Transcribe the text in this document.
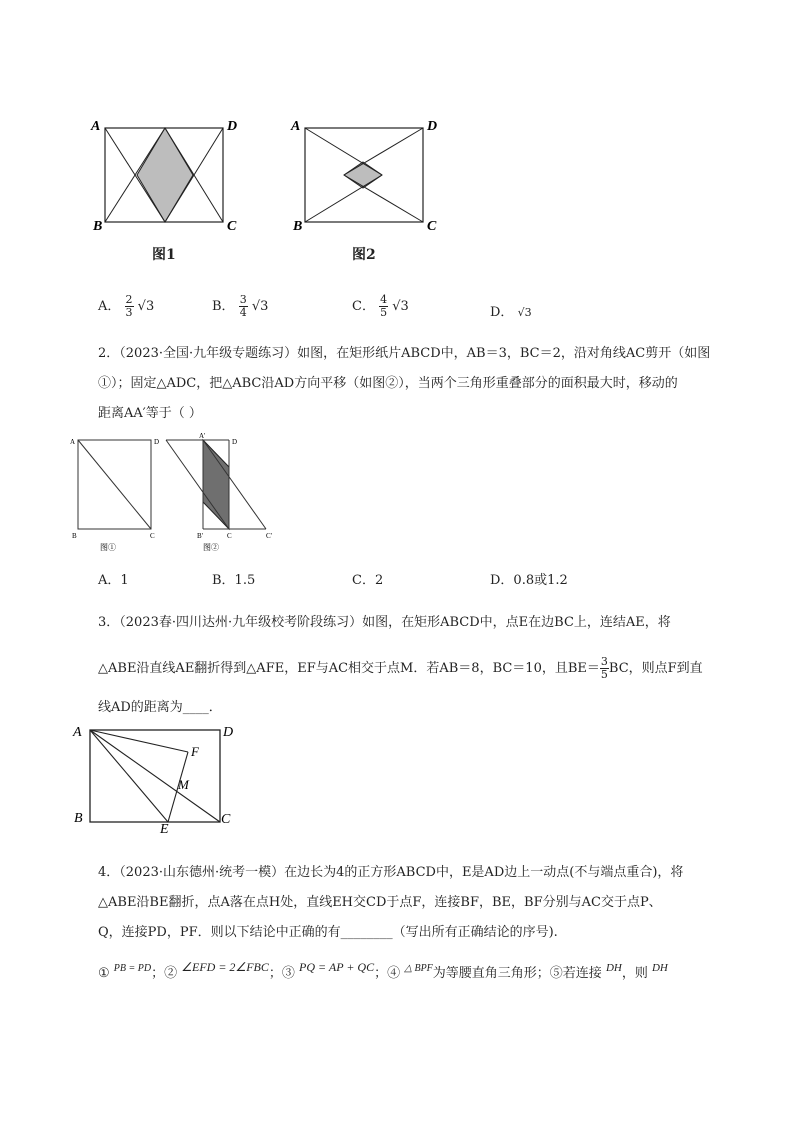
A	D
B	C
图1
A	D
B	C
图2
A． $\frac{2}{3} √3$	B． $\frac{3}{4} √3$	C． $\frac{4}{5} √3$	D． √3
2．（2023·全国·九年级专题练习）如图，在矩形纸片ABCD中，AB＝3，BC＝2，沿对角线AC剪开（如图
①）；固定△ADC，把△ABC沿AD方向平移（如图②），当两个三角形重叠部分的面积最大时，移动的
距离AA′等于（ ）
A	D
B	C
图①
A'
D
B'	C	C'
图②
A．1	B．1.5	C．2	D．0.8或1.2
3．（2023春·四川达州·九年级校考阶段练习）如图，在矩形ABCD中，点E在边BC上，连结AE，将
△ABE沿直线AE翻折得到△AFE，EF与AC相交于点M．若AB＝8，BC＝10，且$BE= \frac{3}{5}$ BC，则点F到直
线AD的距离为____．
A	D
F
M
B
E
C
4．（2023·山东德州·统考一模）在边长为4的正方形ABCD中，E是AD边上一动点(不与端点重合)，将
△ABE沿BE翻折，点A落在点H处，直线EH交CD于点F，连接BF，BE，BF分别与AC交于点P、
Q，连接PD，PF．则以下结论中正确的有________（写出所有正确结论的序号).
① $^{PB = PD}$；② ∠EFD = 2∠FBC；③ PQ = AP + QC；④ $^{\triangle BPF}$为等腰直角三角形；⑤若连接 $^{DH}$，则 $^{DH}$
